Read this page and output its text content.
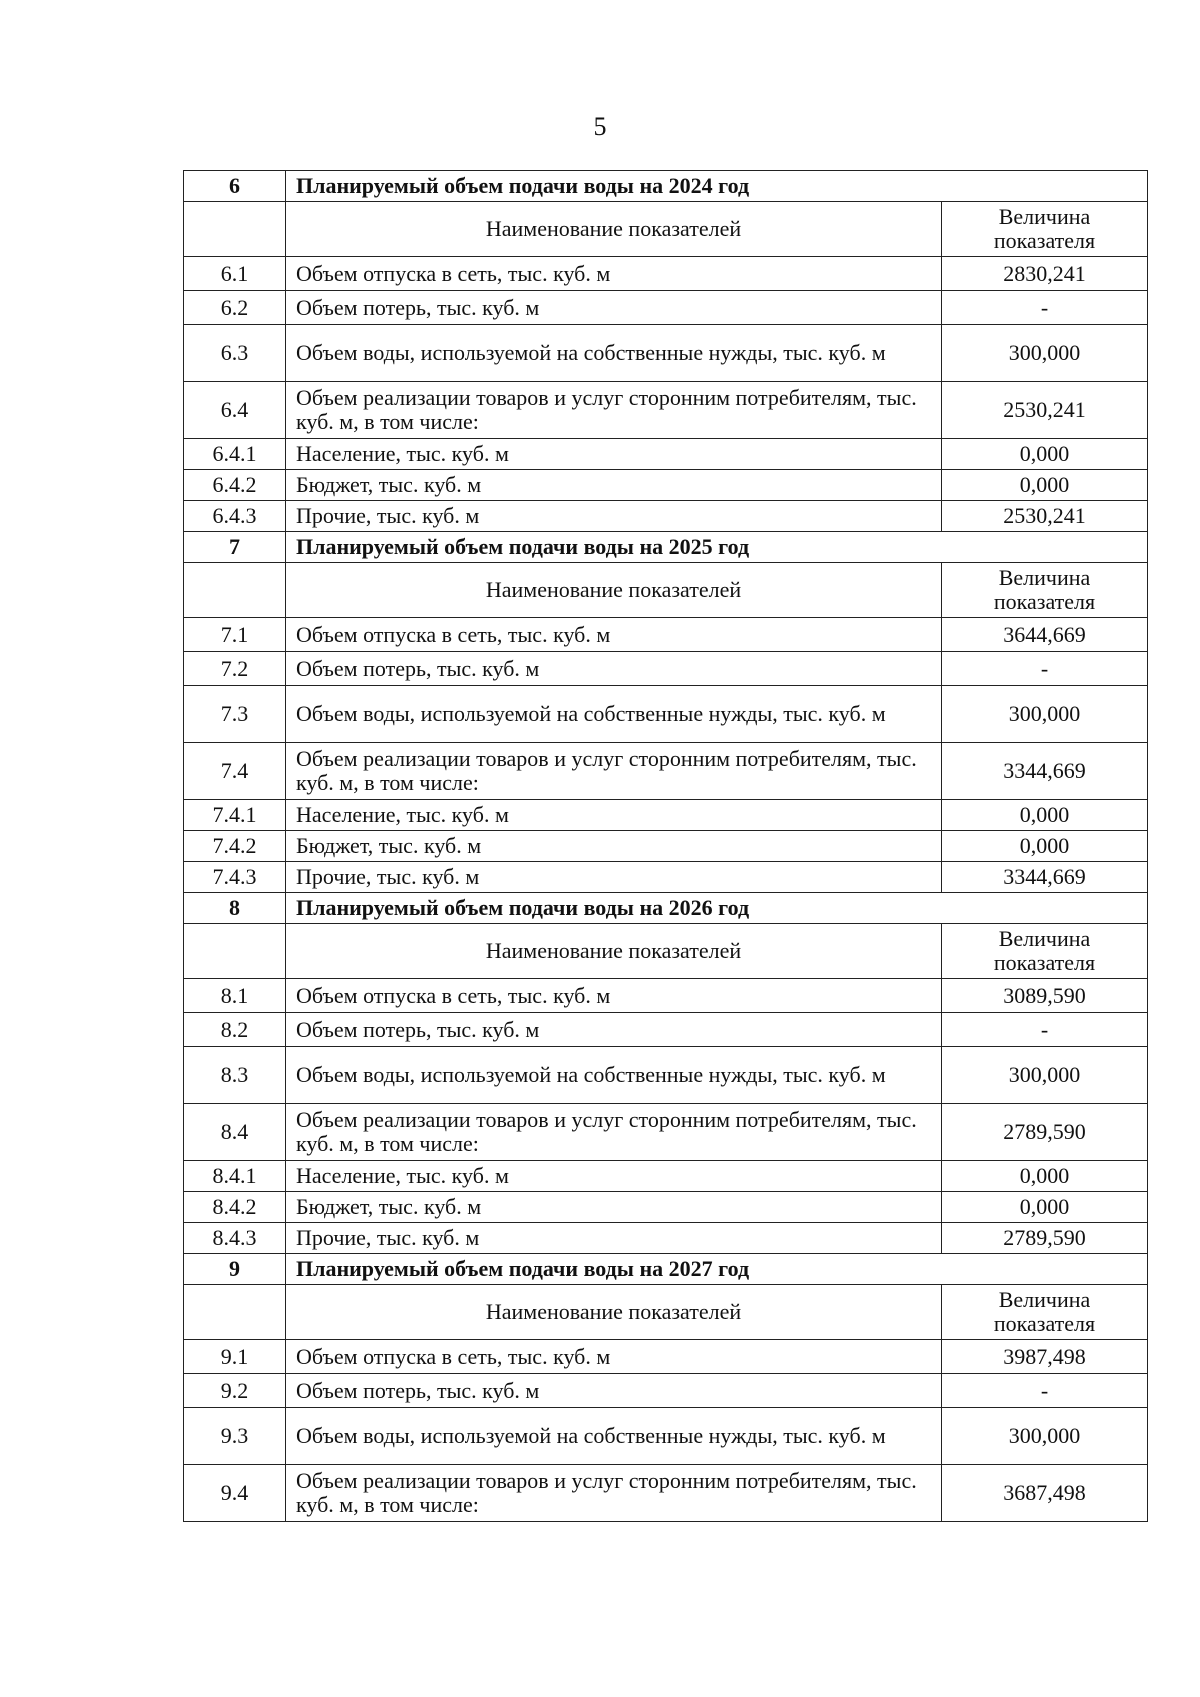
5
6	Планируемый объем подачи воды на 2024 год	
	Наименование показателей	Величина показателя
6.1	Объем отпуска в сеть, тыс. куб. м	2830,241
6.2	Объем потерь, тыс. куб. м	-
6.3	Объем воды, используемой на собственные нужды, тыс. куб. м	300,000
6.4	Объем реализации товаров и услуг сторонним потребителям, тыс. куб. м, в том числе:	2530,241
6.4.1	Население, тыс. куб. м	0,000
6.4.2	Бюджет, тыс. куб. м	0,000
6.4.3	Прочие, тыс. куб. м	2530,241
7	Планируемый объем подачи воды на 2025 год	
	Наименование показателей	Величина показателя
7.1	Объем отпуска в сеть, тыс. куб. м	3644,669
7.2	Объем потерь, тыс. куб. м	-
7.3	Объем воды, используемой на собственные нужды, тыс. куб. м	300,000
7.4	Объем реализации товаров и услуг сторонним потребителям, тыс. куб. м, в том числе:	3344,669
7.4.1	Население, тыс. куб. м	0,000
7.4.2	Бюджет, тыс. куб. м	0,000
7.4.3	Прочие, тыс. куб. м	3344,669
8	Планируемый объем подачи воды на 2026 год	
	Наименование показателей	Величина показателя
8.1	Объем отпуска в сеть, тыс. куб. м	3089,590
8.2	Объем потерь, тыс. куб. м	-
8.3	Объем воды, используемой на собственные нужды, тыс. куб. м	300,000
8.4	Объем реализации товаров и услуг сторонним потребителям, тыс. куб. м, в том числе:	2789,590
8.4.1	Население, тыс. куб. м	0,000
8.4.2	Бюджет, тыс. куб. м	0,000
8.4.3	Прочие, тыс. куб. м	2789,590
9	Планируемый объем подачи воды на 2027 год	
	Наименование показателей	Величина показателя
9.1	Объем отпуска в сеть, тыс. куб. м	3987,498
9.2	Объем потерь, тыс. куб. м	-
9.3	Объем воды, используемой на собственные нужды, тыс. куб. м	300,000
9.4	Объем реализации товаров и услуг сторонним потребителям, тыс. куб. м, в том числе:	3687,498
